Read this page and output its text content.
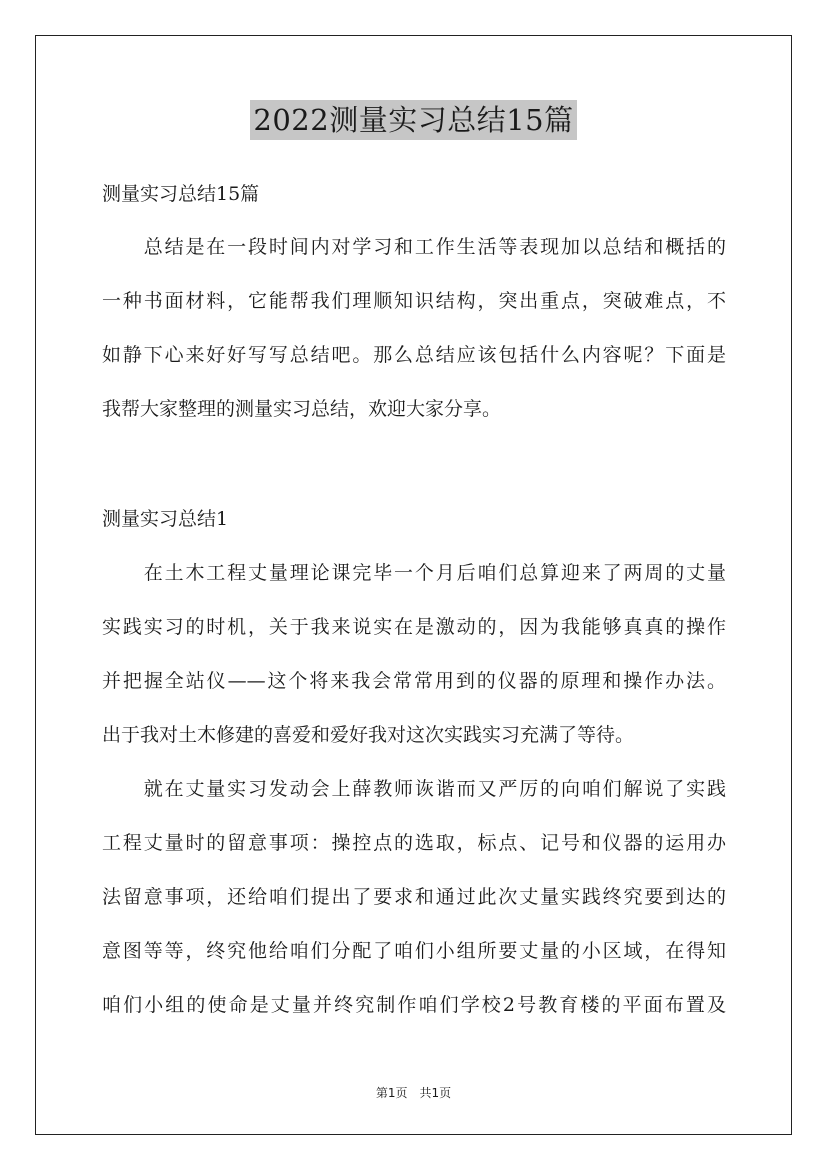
2022测量实习总结15篇
测量实习总结15篇
　　总结是在一段时间内对学习和工作生活等表现加以总结和概括的
一种书面材料，它能帮我们理顺知识结构，突出重点，突破难点，不
如静下心来好好写写总结吧。那么总结应该包括什么内容呢？下面是
我帮大家整理的测量实习总结，欢迎大家分享。
测量实习总结1
　　在土木工程丈量理论课完毕一个月后咱们总算迎来了两周的丈量
实践实习的时机，关于我来说实在是激动的，因为我能够真真的操作
并把握全站仪——这个将来我会常常用到的仪器的原理和操作办法。
出于我对土木修建的喜爱和爱好我对这次实践实习充满了等待。
　　就在丈量实习发动会上薛教师诙谐而又严厉的向咱们解说了实践
工程丈量时的留意事项：操控点的选取，标点、记号和仪器的运用办
法留意事项，还给咱们提出了要求和通过此次丈量实践终究要到达的
意图等等，终究他给咱们分配了咱们小组所要丈量的小区域，在得知
咱们小组的使命是丈量并终究制作咱们学校2号教育楼的平面布置及
第1页　共1页
